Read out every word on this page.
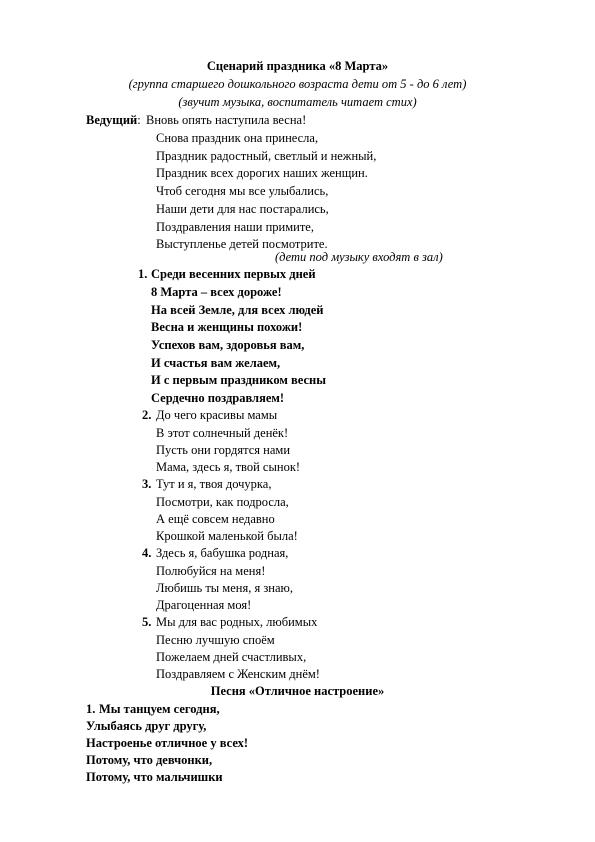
Сценарий праздника «8 Марта»
(группа старшего дошкольного возраста дети от 5 - до 6 лет)
(звучит музыка, воспитатель читает стих)
Ведущий: Вновь опять наступила весна!
Снова праздник она принесла,
Праздник радостный, светлый и нежный,
Праздник всех дорогих наших женщин.
Чтоб сегодня мы все улыбались,
Наши дети для нас постарались,
Поздравления наши примите,
Выступленье детей посмотрите.
(дети под музыку входят в зал)
1. Среди весенних первых дней
8 Марта – всех дороже!
На всей Земле, для всех людей
Весна и женщины похожи!
Успехов вам, здоровья вам,
И счастья вам желаем,
И с первым праздником весны
Сердечно поздравляем!
2. До чего красивы мамы
В этот солнечный денёк!
Пусть они гордятся нами
Мама, здесь я, твой сынок!
3. Тут и я, твоя дочурка,
Посмотри, как подросла,
А ещё совсем недавно
Крошкой маленькой была!
4. Здесь я, бабушка родная,
Полюбуйся на меня!
Любишь ты меня, я знаю,
Драгоценная моя!
5. Мы для вас родных, любимых
Песню лучшую споём
Пожелаем дней счастливых,
Поздравляем с Женским днём!
Песня «Отличное настроение»
1. Мы танцуем сегодня,
Улыбаясь друг другу,
Настроенье отличное у всех!
Потому, что девчонки,
Потому, что мальчишки
